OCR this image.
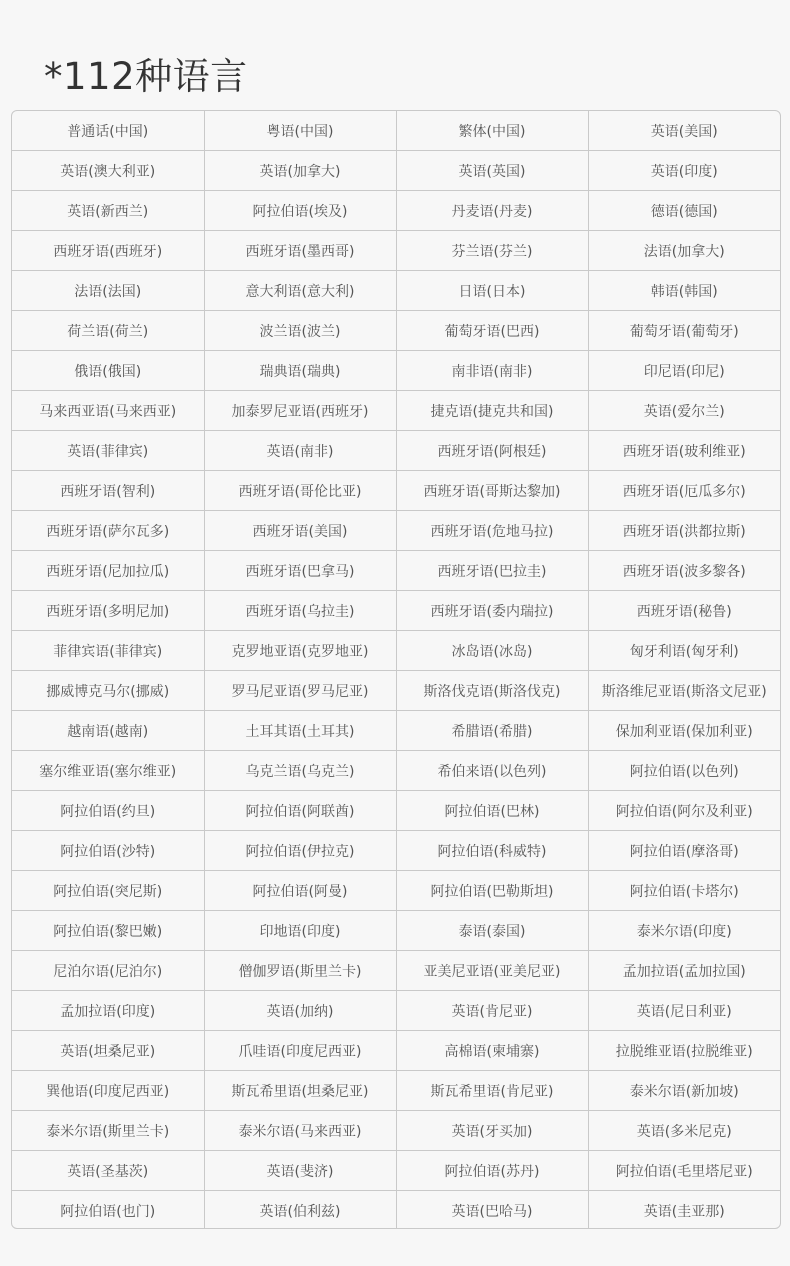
*112种语言
普通话(中国)	粤语(中国)	繁体(中国)	英语(美国)
英语(澳大利亚)	英语(加拿大)	英语(英国)	英语(印度)
英语(新西兰)	阿拉伯语(埃及)	丹麦语(丹麦)	德语(德国)
西班牙语(西班牙)	西班牙语(墨西哥)	芬兰语(芬兰)	法语(加拿大)
法语(法国)	意大利语(意大利)	日语(日本)	韩语(韩国)
荷兰语(荷兰)	波兰语(波兰)	葡萄牙语(巴西)	葡萄牙语(葡萄牙)
俄语(俄国)	瑞典语(瑞典)	南非语(南非)	印尼语(印尼)
马来西亚语(马来西亚)	加泰罗尼亚语(西班牙)	捷克语(捷克共和国)	英语(爱尔兰)
英语(菲律宾)	英语(南非)	西班牙语(阿根廷)	西班牙语(玻利维亚)
西班牙语(智利)	西班牙语(哥伦比亚)	西班牙语(哥斯达黎加)	西班牙语(厄瓜多尔)
西班牙语(萨尔瓦多)	西班牙语(美国)	西班牙语(危地马拉)	西班牙语(洪都拉斯)
西班牙语(尼加拉瓜)	西班牙语(巴拿马)	西班牙语(巴拉圭)	西班牙语(波多黎各)
西班牙语(多明尼加)	西班牙语(乌拉圭)	西班牙语(委内瑞拉)	西班牙语(秘鲁)
菲律宾语(菲律宾)	克罗地亚语(克罗地亚)	冰岛语(冰岛)	匈牙利语(匈牙利)
挪威博克马尔(挪威)	罗马尼亚语(罗马尼亚)	斯洛伐克语(斯洛伐克)	斯洛维尼亚语(斯洛文尼亚)
越南语(越南)	土耳其语(土耳其)	希腊语(希腊)	保加利亚语(保加利亚)
塞尔维亚语(塞尔维亚)	乌克兰语(乌克兰)	希伯来语(以色列)	阿拉伯语(以色列)
阿拉伯语(约旦)	阿拉伯语(阿联酋)	阿拉伯语(巴林)	阿拉伯语(阿尔及利亚)
阿拉伯语(沙特)	阿拉伯语(伊拉克)	阿拉伯语(科威特)	阿拉伯语(摩洛哥)
阿拉伯语(突尼斯)	阿拉伯语(阿曼)	阿拉伯语(巴勒斯坦)	阿拉伯语(卡塔尔)
阿拉伯语(黎巴嫩)	印地语(印度)	泰语(泰国)	泰米尔语(印度)
尼泊尔语(尼泊尔)	僧伽罗语(斯里兰卡)	亚美尼亚语(亚美尼亚)	孟加拉语(孟加拉国)
孟加拉语(印度)	英语(加纳)	英语(肯尼亚)	英语(尼日利亚)
英语(坦桑尼亚)	爪哇语(印度尼西亚)	高棉语(柬埔寨)	拉脱维亚语(拉脱维亚)
巽他语(印度尼西亚)	斯瓦希里语(坦桑尼亚)	斯瓦希里语(肯尼亚)	泰米尔语(新加坡)
泰米尔语(斯里兰卡)	泰米尔语(马来西亚)	英语(牙买加)	英语(多米尼克)
英语(圣基茨)	英语(斐济)	阿拉伯语(苏丹)	阿拉伯语(毛里塔尼亚)
阿拉伯语(也门)	英语(伯利兹)	英语(巴哈马)	英语(圭亚那)
